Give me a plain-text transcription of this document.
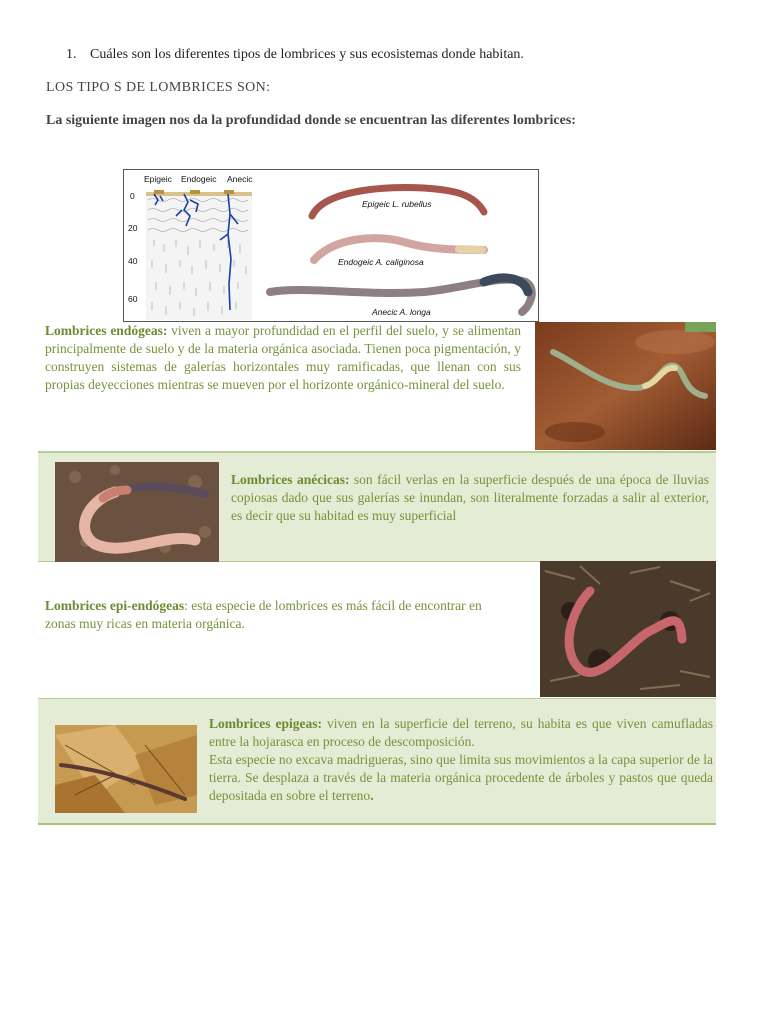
1. Cuáles son los diferentes tipos de lombrices y sus ecosistemas donde habitan.
LOS TIPO S DE LOMBRICES SON:
La siguiente imagen nos da la profundidad donde se encuentran las diferentes lombrices:
Epigeic Endogeic Anecic
0
20
40
60
Epigeic L. rubellus
Endogeic A. caliginosa
Anecic A. longa
Lombrices endógeas: viven a mayor profundidad en el perfil del suelo, y se alimentan principalmente de suelo y de la materia orgánica asociada. Tienen poca pigmentación, y construyen sistemas de galerías horizontales muy ramificadas, que llenan con sus propias deyecciones mientras se mueven por el horizonte orgánico-mineral del suelo.
Lombrices anécicas: son fácil verlas en la superficie después de una época de lluvias copiosas dado que sus galerías se inundan, son literalmente forzadas a salir al exterior, es decir que su habitad es muy superficial
Lombrices epi-endógeas: esta especie de lombrices es más fácil de encontrar en zonas muy ricas en materia orgánica.
Lombrices epigeas: viven en la superficie del terreno, su habita es que viven camufladas entre la hojarasca en proceso de descomposición.
Esta especie no excava madrigueras, sino que limita sus movimientos a la capa superior de la tierra. Se desplaza a través de la materia orgánica procedente de árboles y pastos que queda depositada en sobre el terreno.
